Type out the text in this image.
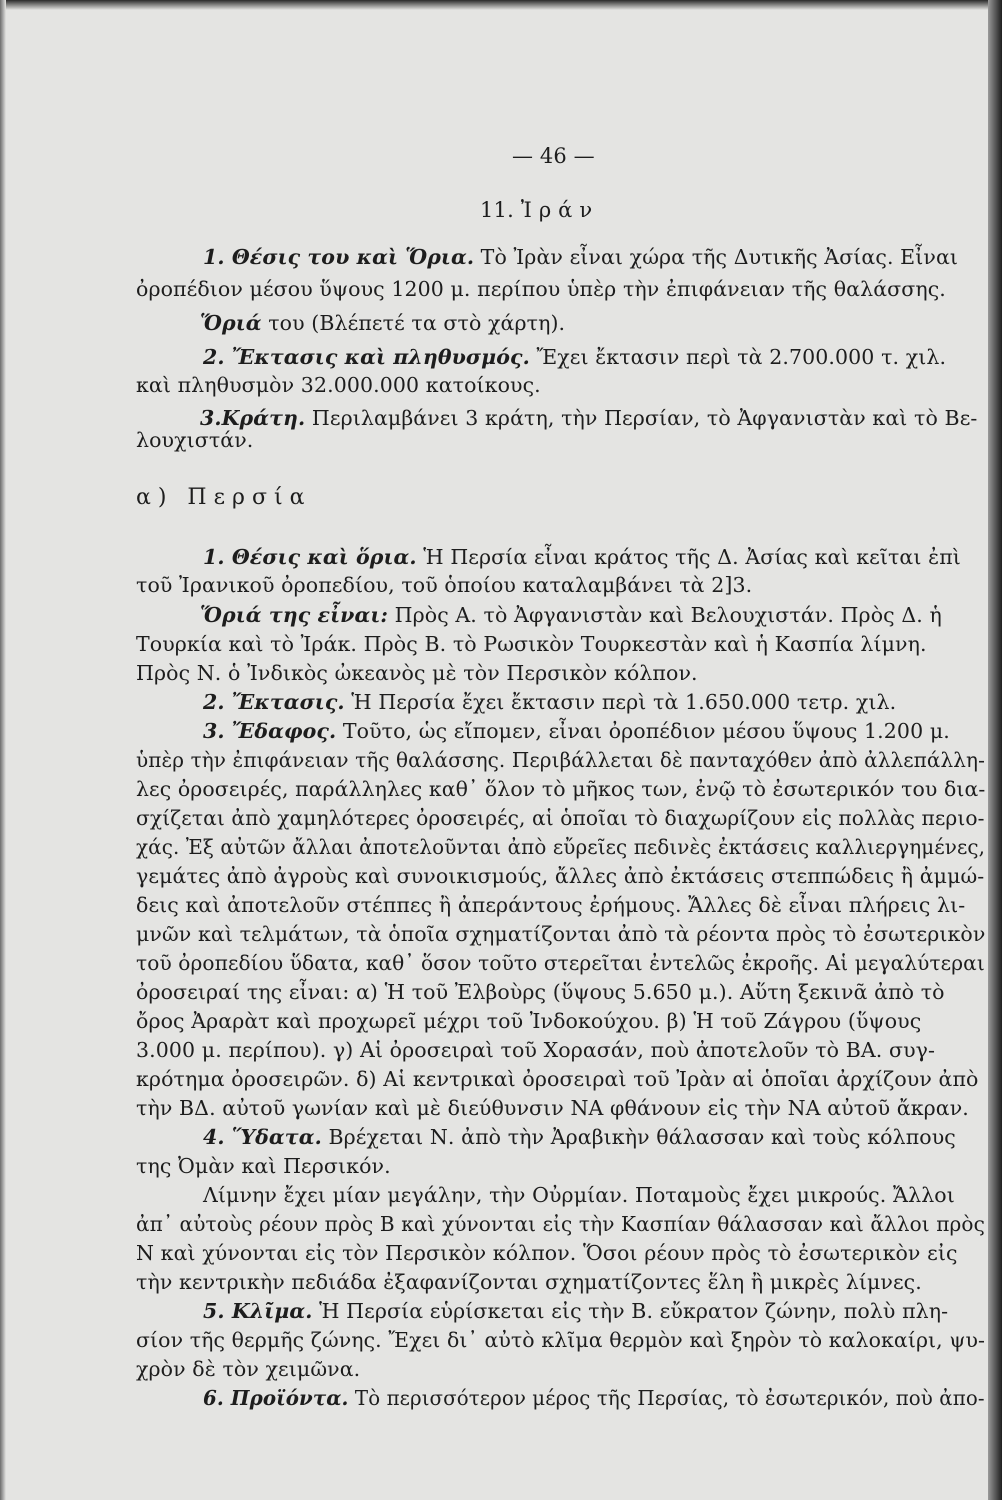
— 46 —
11. Ἰράν
1. Θέσις του καὶ Ὅρια. Τὸ Ἰρὰν εἶναι χώρα τῆς Δυτικῆς Ἀσίας. Εἶναι
ὀροπέδιον μέσου ὕψους 1200 μ. περίπου ὑπὲρ τὴν ἐπιφάνειαν τῆς θαλάσσης.
Ὅριά του (Βλέπετέ τα στὸ χάρτη).
2. Ἔκτασις καὶ πληθυσμός. Ἔχει ἔκτασιν περὶ τὰ 2.700.000 τ. χιλ.
καὶ πληθυσμὸν 32.000.000 κατοίκους.
3.Κράτη. Περιλαμβάνει 3 κράτη, τὴν Περσίαν, τὸ Ἀφγανιστὰν καὶ τὸ Βε-
λουχιστάν.
α) Περσία
1. Θέσις καὶ ὅρια. Ἡ Περσία εἶναι κράτος τῆς Δ. Ἀσίας καὶ κεῖται ἐπὶ
τοῦ Ἰρανικοῦ ὀροπεδίου, τοῦ ὁποίου καταλαμβάνει τὰ 2]3.
Ὅριά της εἶναι: Πρὸς Α. τὸ Ἀφγανιστὰν καὶ Βελουχιστάν. Πρὸς Δ. ἡ
Τουρκία καὶ τὸ Ἰράκ. Πρὸς Β. τὸ Ρωσικὸν Τουρκεστὰν καὶ ἡ Κασπία λίμνη.
Πρὸς Ν. ὁ Ἰνδικὸς ὠκεανὸς μὲ τὸν Περσικὸν κόλπον.
2. Ἔκτασις. Ἡ Περσία ἔχει ἔκτασιν περὶ τὰ 1.650.000 τετρ. χιλ.
3. Ἔδαφος. Τοῦτο, ὡς εἴπομεν, εἶναι ὀροπέδιον μέσου ὕψους 1.200 μ.
ὑπὲρ τὴν ἐπιφάνειαν τῆς θαλάσσης. Περιβάλλεται δὲ πανταχόθεν ἀπὸ ἀλλεπάλλη-
λες ὀροσειρές, παράλληλες καθ᾽ ὅλον τὸ μῆκος των, ἐνῷ τὸ ἐσωτερικόν του δια-
σχίζεται ἀπὸ χαμηλότερες ὀροσειρές, αἱ ὁποῖαι τὸ διαχωρίζουν εἰς πολλὰς περιο-
χάς. Ἐξ αὐτῶν ἄλλαι ἀποτελοῦνται ἀπὸ εὔρεῖες πεδινὲς ἐκτάσεις καλλιεργημένες,
γεμάτες ἀπὸ ἀγροὺς καὶ συνοικισμούς, ἄλλες ἀπὸ ἐκτάσεις στεππώδεις ἢ ἀμμώ-
δεις καὶ ἀποτελοῦν στέππες ἢ ἀπεράντους ἐρήμους. Ἄλλες δὲ εἶναι πλήρεις λι-
μνῶν καὶ τελμάτων, τὰ ὁποῖα σχηματίζονται ἀπὸ τὰ ρέοντα πρὸς τὸ ἐσωτερικὸν
τοῦ ὀροπεδίου ὕδατα, καθ᾽ ὅσον τοῦτο στερεῖται ἐντελῶς ἐκροῆς. Αἱ μεγαλύτεραι
ὀροσειραί της εἶναι: α) Ἡ τοῦ Ἐλβοὺρς (ὕψους 5.650 μ.). Αὕτη ξεκινᾶ ἀπὸ τὸ
ὄρος Ἀραρὰτ καὶ προχωρεῖ μέχρι τοῦ Ἰνδοκούχου. β) Ἡ τοῦ Ζάγρου (ὕψους
3.000 μ. περίπου). γ) Αἱ ὀροσειραὶ τοῦ Χορασάν, ποὺ ἀποτελοῦν τὸ ΒΑ. συγ-
κρότημα ὀροσειρῶν. δ) Αἱ κεντρικαὶ ὀροσειραὶ τοῦ Ἰρὰν αἱ ὁποῖαι ἀρχίζουν ἀπὸ
τὴν ΒΔ. αὐτοῦ γωνίαν καὶ μὲ διεύθυνσιν ΝΑ φθάνουν εἰς τὴν ΝΑ αὐτοῦ ἄκραν.
4. Ὕδατα. Βρέχεται Ν. ἀπὸ τὴν Ἀραβικὴν θάλασσαν καὶ τοὺς κόλπους
της Ὀμὰν καὶ Περσικόν.
Λίμνην ἔχει μίαν μεγάλην, τὴν Οὐρμίαν. Ποταμοὺς ἔχει μικρούς. Ἄλλοι
ἀπ᾽ αὐτοὺς ρέουν πρὸς Β καὶ χύνονται εἰς τὴν Κασπίαν θάλασσαν καὶ ἄλλοι πρὸς
Ν καὶ χύνονται εἰς τὸν Περσικὸν κόλπον. Ὅσοι ρέουν πρὸς τὸ ἐσωτερικὸν εἰς
τὴν κεντρικὴν πεδιάδα ἐξαφανίζονται σχηματίζοντες ἕλη ἢ μικρὲς λίμνες.
5. Κλῖμα. Ἡ Περσία εὑρίσκεται εἰς τὴν Β. εὔκρατον ζώνην, πολὺ πλη-
σίον τῆς θερμῆς ζώνης. Ἔχει δι᾽ αὐτὸ κλῖμα θερμὸν καὶ ξηρὸν τὸ καλοκαίρι, ψυ-
χρὸν δὲ τὸν χειμῶνα.
6. Προϊόντα. Τὸ περισσότερον μέρος τῆς Περσίας, τὸ ἐσωτερικόν, ποὺ ἀπο-
